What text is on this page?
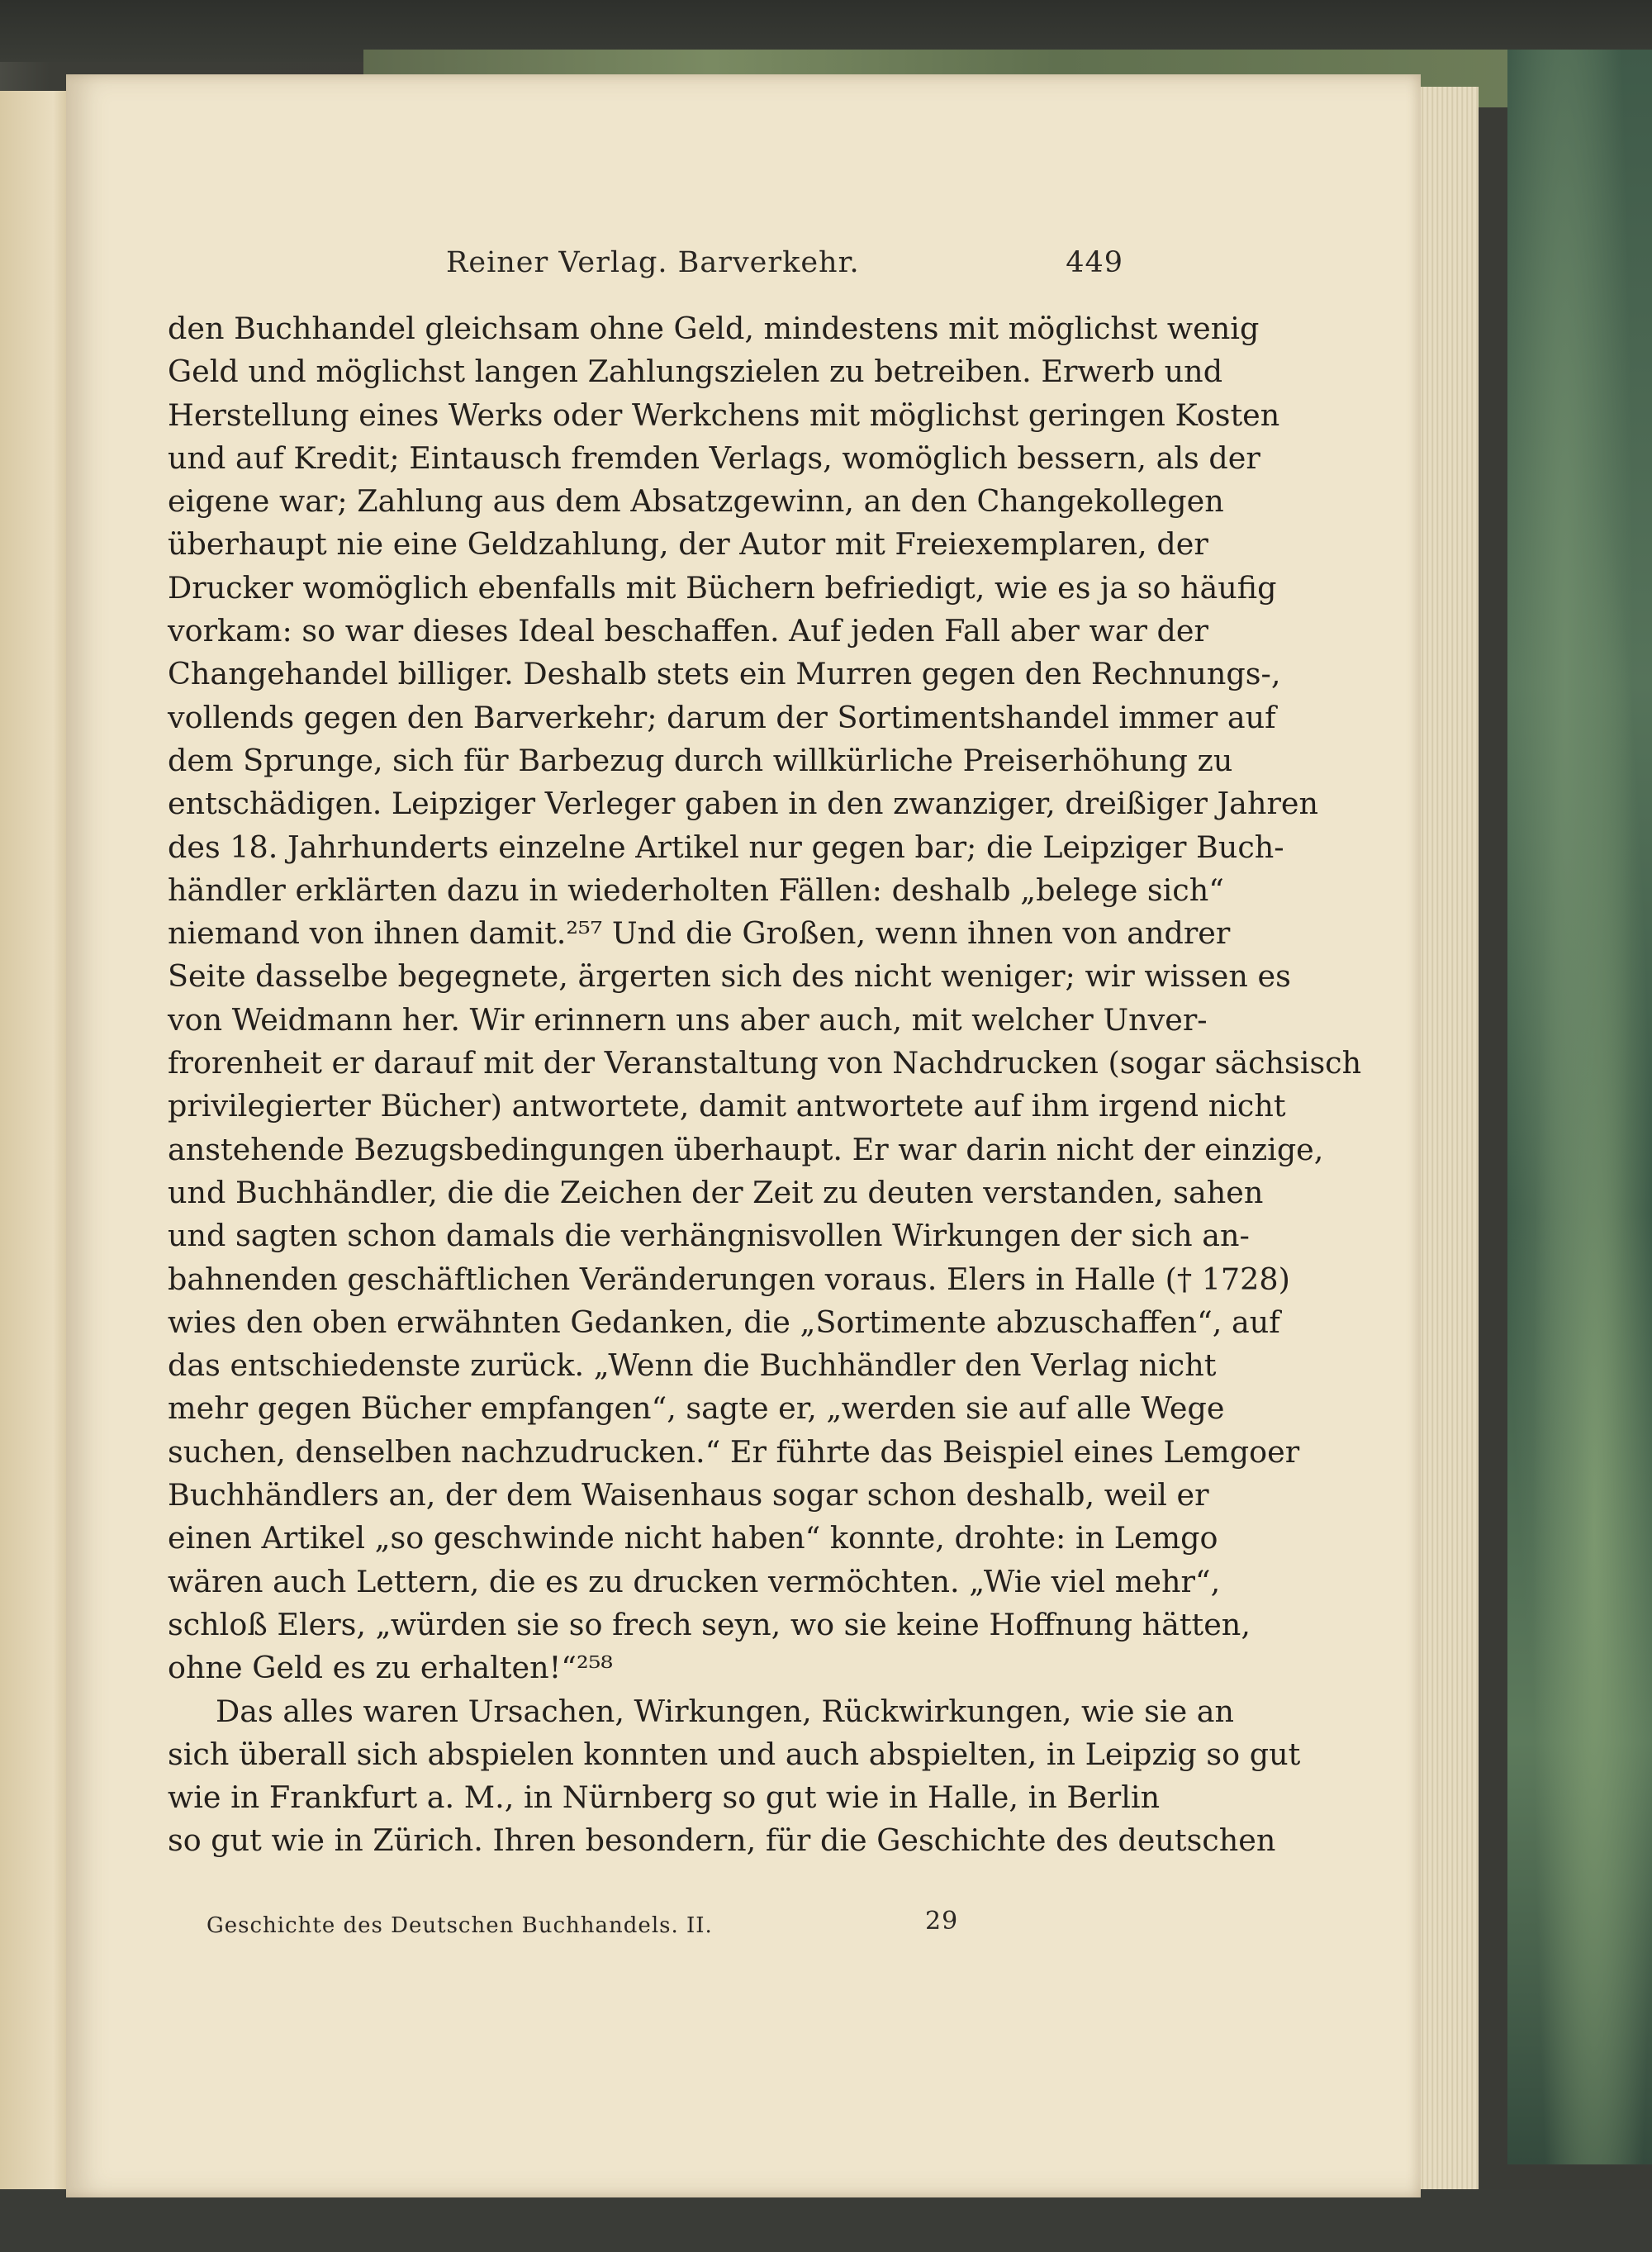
Reiner Verlag. Barverkehr.	449
den Buchhandel gleichsam ohne Geld, mindestens mit möglichst wenig
Geld und möglichst langen Zahlungszielen zu betreiben. Erwerb und
Herstellung eines Werks oder Werkchens mit möglichst geringen Kosten
und auf Kredit; Eintausch fremden Verlags, womöglich bessern, als der
eigene war; Zahlung aus dem Absatzgewinn, an den Changekollegen
überhaupt nie eine Geldzahlung, der Autor mit Freiexemplaren, der
Drucker womöglich ebenfalls mit Büchern befriedigt, wie es ja so häufig
vorkam: so war dieses Ideal beschaffen. Auf jeden Fall aber war der
Changehandel billiger. Deshalb stets ein Murren gegen den Rechnungs-,
vollends gegen den Barverkehr; darum der Sortimentshandel immer auf
dem Sprunge, sich für Barbezug durch willkürliche Preiserhöhung zu
entschädigen. Leipziger Verleger gaben in den zwanziger, dreißiger Jahren
des 18. Jahrhunderts einzelne Artikel nur gegen bar; die Leipziger Buch-
händler erklärten dazu in wiederholten Fällen: deshalb „belege sich“
niemand von ihnen damit.²⁵⁷ Und die Großen, wenn ihnen von andrer
Seite dasselbe begegnete, ärgerten sich des nicht weniger; wir wissen es
von Weidmann her. Wir erinnern uns aber auch, mit welcher Unver-
frorenheit er darauf mit der Veranstaltung von Nachdrucken (sogar sächsisch
privilegierter Bücher) antwortete, damit antwortete auf ihm irgend nicht
anstehende Bezugsbedingungen überhaupt. Er war darin nicht der einzige,
und Buchhändler, die die Zeichen der Zeit zu deuten verstanden, sahen
und sagten schon damals die verhängnisvollen Wirkungen der sich an-
bahnenden geschäftlichen Veränderungen voraus. Elers in Halle († 1728)
wies den oben erwähnten Gedanken, die „Sortimente abzuschaffen“, auf
das entschiedenste zurück. „Wenn die Buchhändler den Verlag nicht
mehr gegen Bücher empfangen“, sagte er, „werden sie auf alle Wege
suchen, denselben nachzudrucken.“ Er führte das Beispiel eines Lemgoer
Buchhändlers an, der dem Waisenhaus sogar schon deshalb, weil er
einen Artikel „so geschwinde nicht haben“ konnte, drohte: in Lemgo
wären auch Lettern, die es zu drucken vermöchten. „Wie viel mehr“,
schloß Elers, „würden sie so frech seyn, wo sie keine Hoffnung hätten,
ohne Geld es zu erhalten!“²⁵⁸
Das alles waren Ursachen, Wirkungen, Rückwirkungen, wie sie an
sich überall sich abspielen konnten und auch abspielten, in Leipzig so gut
wie in Frankfurt a. M., in Nürnberg so gut wie in Halle, in Berlin
so gut wie in Zürich. Ihren besondern, für die Geschichte des deutschen
Geschichte des Deutschen Buchhandels. II.	29
